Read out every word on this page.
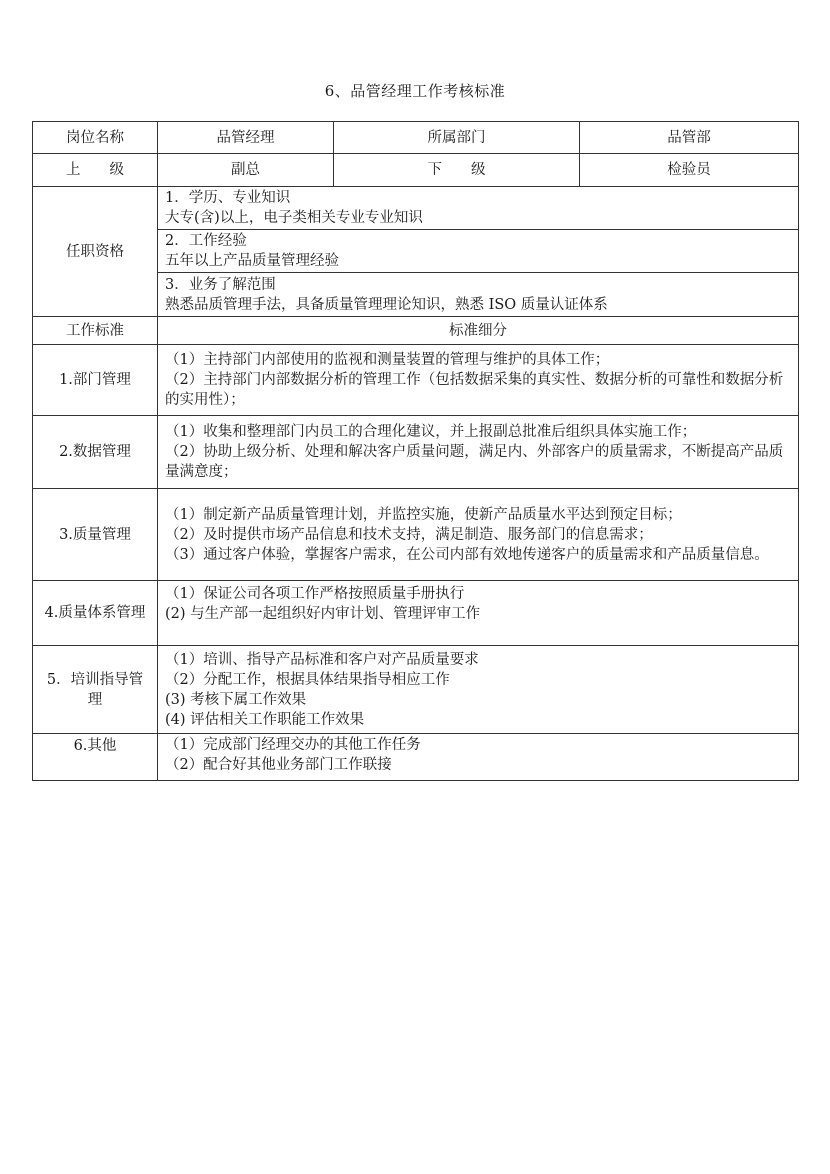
6、品管经理工作考核标准
岗位名称	品管经理	所属部门	品管部
上　　级	副总	下　　级	检验员
任职资格	1．学历、专业知识
大专(含)以上，电子类相关专业专业知识		

	2．工作经验
五年以上产品质量管理经验		

	3．业务了解范围
熟悉品质管理手法，具备质量管理理论知识，熟悉 ISO 质量认证体系		

工作标准	标准细分		
1.部门管理	（1）主持部门内部使用的监视和测量装置的管理与维护的具体工作；
（2）主持部门内部数据分析的管理工作（包括数据采集的真实性、数据分析的可靠性和数据分析的实用性）；		

2.数据管理	（1）收集和整理部门内员工的合理化建议，并上报副总批准后组织具体实施工作；
（2）协助上级分析、处理和解决客户质量问题，满足内、外部客户的质量需求，不断提高产品质量满意度；		

3.质量管理	（1）制定新产品质量管理计划，并监控实施，使新产品质量水平达到预定目标；
（2）及时提供市场产品信息和技术支持，满足制造、服务部门的信息需求；
（3）通过客户体验，掌握客户需求，在公司内部有效地传递客户的质量需求和产品质量信息。		

4.质量体系管理	（1）保证公司各项工作严格按照质量手册执行
(2) 与生产部一起组织好内审计划、管理评审工作		

5．培训指导管理	（1）培训、指导产品标准和客户对产品质量要求
（2）分配工作，根据具体结果指导相应工作
(3) 考核下属工作效果
(4) 评估相关工作职能工作效果		

6.其他	（1）完成部门经理交办的其他工作任务
（2）配合好其他业务部门工作联接		
